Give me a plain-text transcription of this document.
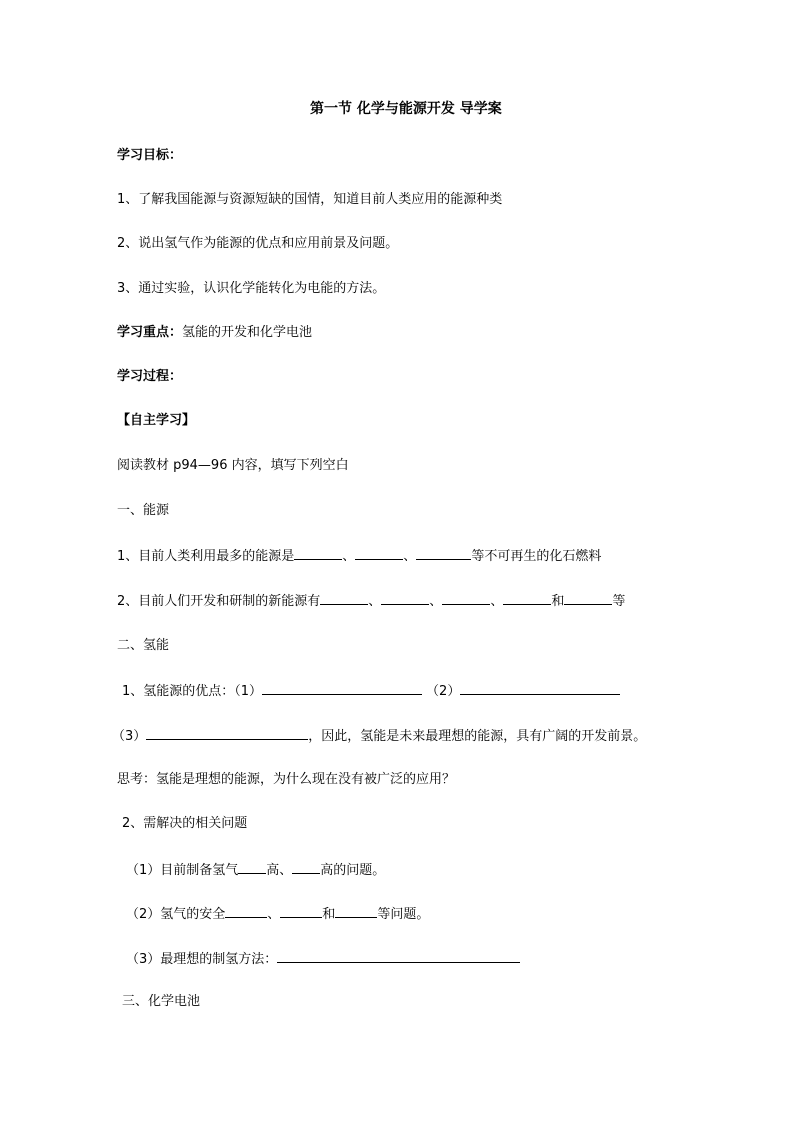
第一节 化学与能源开发 导学案
学习目标：
1、了解我国能源与资源短缺的国情，知道目前人类应用的能源种类
2、说出氢气作为能源的优点和应用前景及问题。
3、通过实验，认识化学能转化为电能的方法。
学习重点：氢能的开发和化学电池
学习过程：
【自主学习】
阅读教材 p94—96 内容，填写下列空白
一、能源
1、目前人类利用最多的能源是	、	、	等不可再生的化石燃料
2、目前人们开发和研制的新能源有	、	、	、	和	等
二、氢能
1、氢能源的优点：（1）	（2）
（3）	，因此，氢能是未来最理想的能源，具有广阔的开发前景。
思考：氢能是理想的能源，为什么现在没有被广泛的应用？
2、需解决的相关问题
（1）目前制备氢气 高、 高的问题。
（2）氢气的安全	、	和	等问题。
（3）最理想的制氢方法：
三、化学电池
